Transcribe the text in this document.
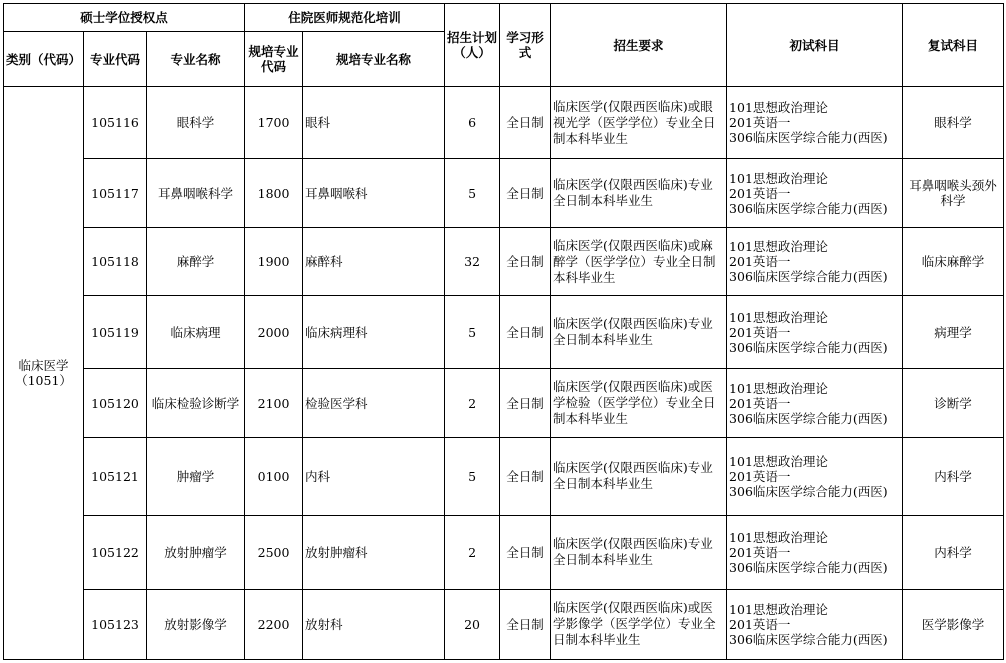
硕士学位授权点			住院医师规范化培训		招生计划（人）	学习形式	招生要求	初试科目	复试科目
类别（代码）	专业代码	专业名称	规培专业代码	规培专业名称					
临床医学（1051）	105116	眼科学	1700	眼科	6	全日制	临床医学(仅限西医临床)或眼视光学（医学学位）专业全日制本科毕业生	101思想政治理论
201英语一
306临床医学综合能力(西医)	眼科学
	105117	耳鼻咽喉科学	1800	耳鼻咽喉科	5	全日制	临床医学(仅限西医临床)专业全日制本科毕业生	101思想政治理论
201英语一
306临床医学综合能力(西医)	耳鼻咽喉头颈外科学
	105118	麻醉学	1900	麻醉科	32	全日制	临床医学(仅限西医临床)或麻醉学（医学学位）专业全日制本科毕业生	101思想政治理论
201英语一
306临床医学综合能力(西医)	临床麻醉学
	105119	临床病理	2000	临床病理科	5	全日制	临床医学(仅限西医临床)专业全日制本科毕业生	101思想政治理论
201英语一
306临床医学综合能力(西医)	病理学
	105120	临床检验诊断学	2100	检验医学科	2	全日制	临床医学(仅限西医临床)或医学检验（医学学位）专业全日制本科毕业生	101思想政治理论
201英语一
306临床医学综合能力(西医)	诊断学
	105121	肿瘤学	0100	内科	5	全日制	临床医学(仅限西医临床)专业全日制本科毕业生	101思想政治理论
201英语一
306临床医学综合能力(西医)	内科学
	105122	放射肿瘤学	2500	放射肿瘤科	2	全日制	临床医学(仅限西医临床)专业全日制本科毕业生	101思想政治理论
201英语一
306临床医学综合能力(西医)	内科学
	105123	放射影像学	2200	放射科	20	全日制	临床医学(仅限西医临床)或医学影像学（医学学位）专业全日制本科毕业生	101思想政治理论
201英语一
306临床医学综合能力(西医)	医学影像学
